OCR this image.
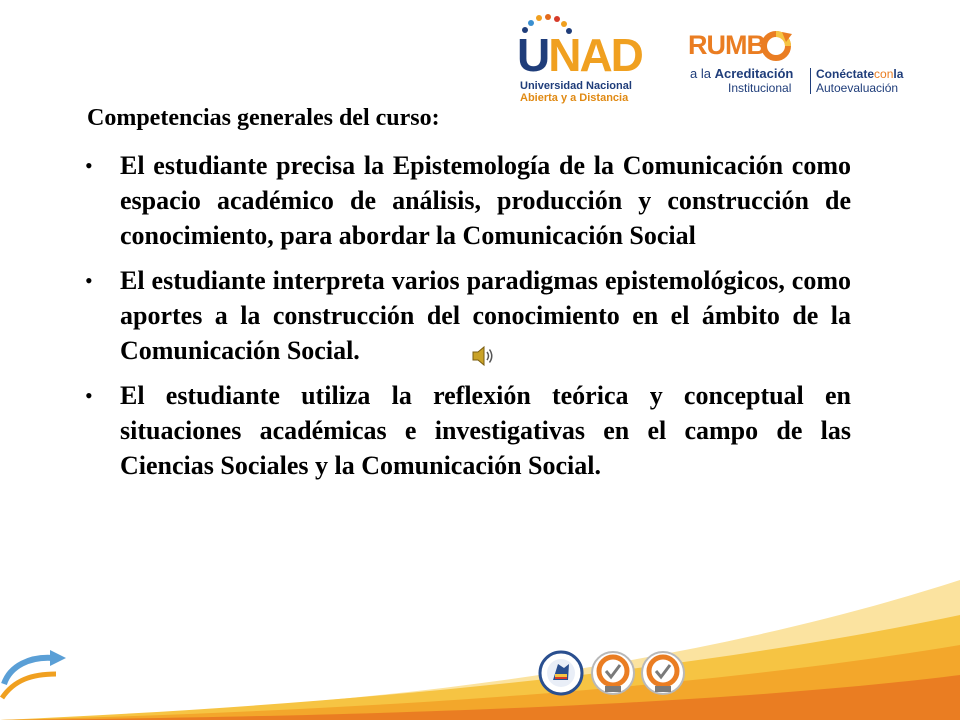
UNAD
Universidad Nacional
Abierta y a Distancia
RUMB
a la Acreditación
Institucional
Conéctateconla
Autoevaluación
Competencias generales del curso:
• El estudiante precisa la Epistemología de la Comunicación como espacio académico de análisis, producción y construcción de conocimiento, para abordar la Comunicación Social
• El estudiante interpreta varios paradigmas epistemológicos, como aportes a la construcción del conocimiento en el ámbito de la Comunicación Social.
• El estudiante utiliza la reflexión teórica y conceptual en situaciones académicas e investigativas en el campo de las Ciencias Sociales y la Comunicación Social.
